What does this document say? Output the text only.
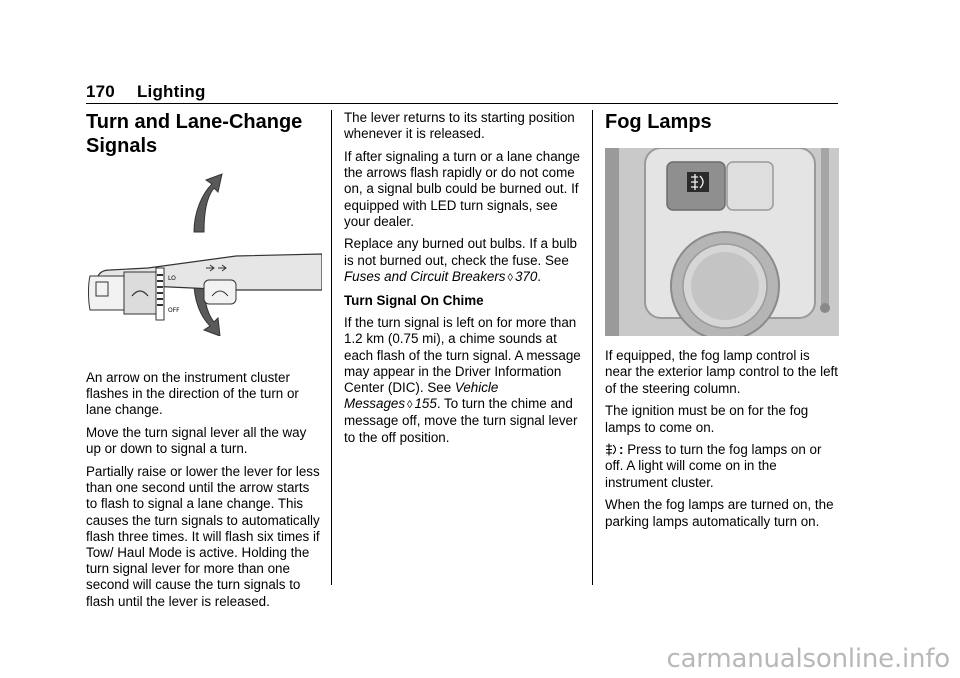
170 Lighting
Turn and Lane-Change
Signals
LO
OFF

An arrow on the instrument cluster flashes in the direction of the turn or lane change.

Move the turn signal lever all the way up or down to signal a turn.

Partially raise or lower the lever for less than one second until the arrow starts to flash to signal a lane change. This causes the turn signals to automatically flash three times. It will flash six times if Tow/ Haul Mode is active. Holding the turn signal lever for more than one second will cause the turn signals to flash until the lever is released.

The lever returns to its starting position whenever it is released.

If after signaling a turn or a lane change the arrows flash rapidly or do not come on, a signal bulb could be burned out. If equipped with LED turn signals, see your dealer.

Replace any burned out bulbs. If a bulb is not burned out, check the fuse. See Fuses and Circuit Breakers ◊ 370.

Turn Signal On Chime

If the turn signal is left on for more than 1.2 km (0.75 mi), a chime sounds at each flash of the turn signal. A message may appear in the Driver Information Center (DIC). See Vehicle Messages ◊ 155. To turn the chime and message off, move the turn signal lever to the off position.

Fog Lamps

If equipped, the fog lamp control is near the exterior lamp control to the left of the steering column.

The ignition must be on for the fog lamps to come on.

: Press to turn the fog lamps on or off. A light will come on in the instrument cluster.

When the fog lamps are turned on, the parking lamps automatically turn on.

carmanualsonline.info
